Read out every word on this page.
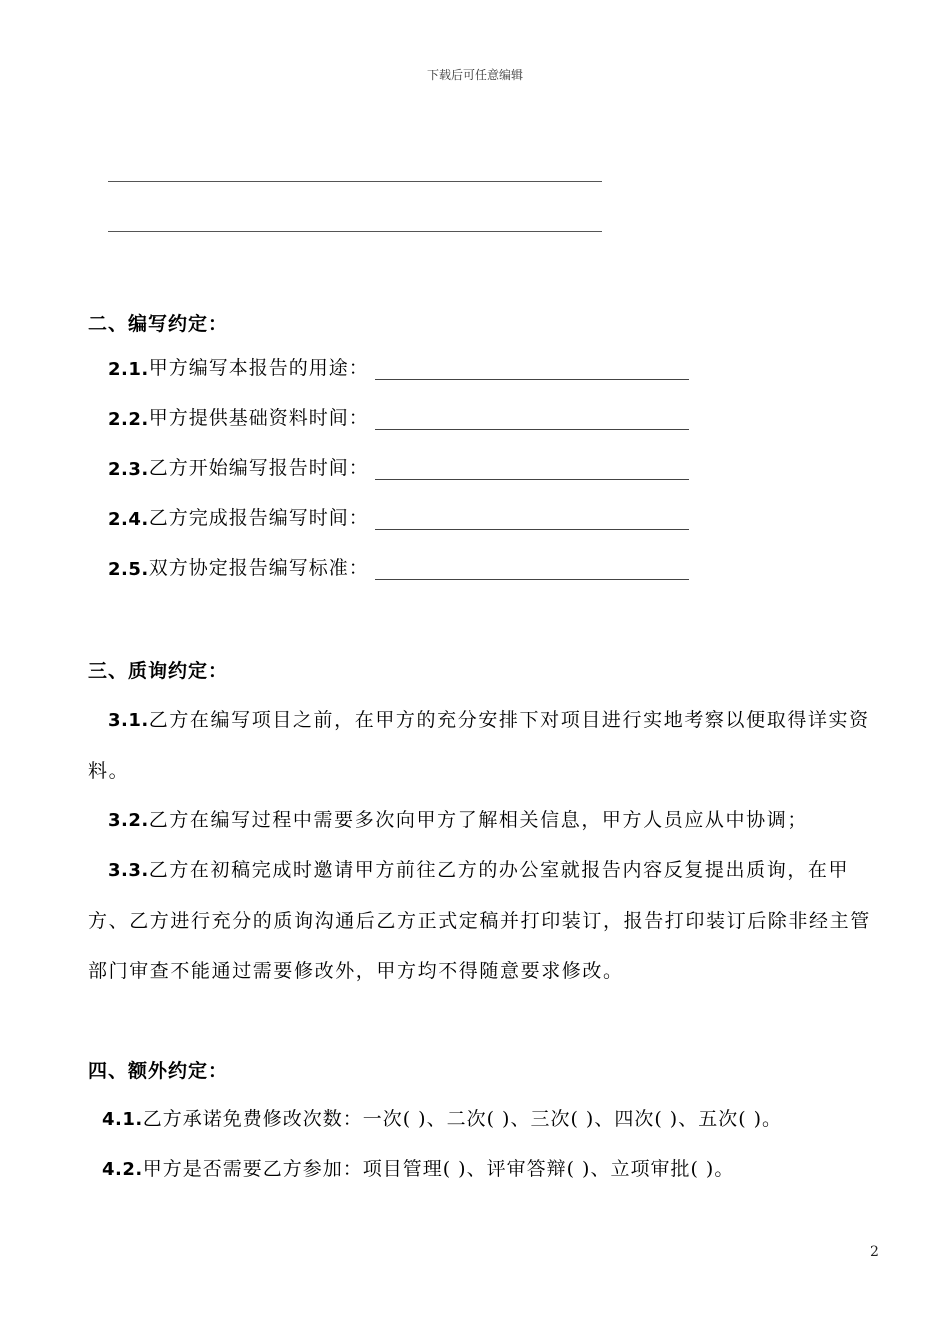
下载后可任意编辑
二、编写约定：
2.1. 甲方编写本报告的用途：
2.2. 甲方提供基础资料时间：
2.3. 乙方开始编写报告时间：
2.4. 乙方完成报告编写时间：
2.5. 双方协定报告编写标准：
三、质询约定：
3.1.乙方在编写项目之前，在甲方的充分安排下对项目进行实地考察以便取得详实资料。
3.2.乙方在编写过程中需要多次向甲方了解相关信息，甲方人员应从中协调；
3.3.乙方在初稿完成时邀请甲方前往乙方的办公室就报告内容反复提出质询，在甲方、乙方进行充分的质询沟通后乙方正式定稿并打印装订，报告打印装订后除非经主管部门审查不能通过需要修改外，甲方均不得随意要求修改。
四、额外约定：
4.1.乙方承诺免费修改次数：一次( )、二次( )、三次( )、四次( )、五次( )。
4.2.甲方是否需要乙方参加：项目管理( )、评审答辩( )、立项审批( )。
2
